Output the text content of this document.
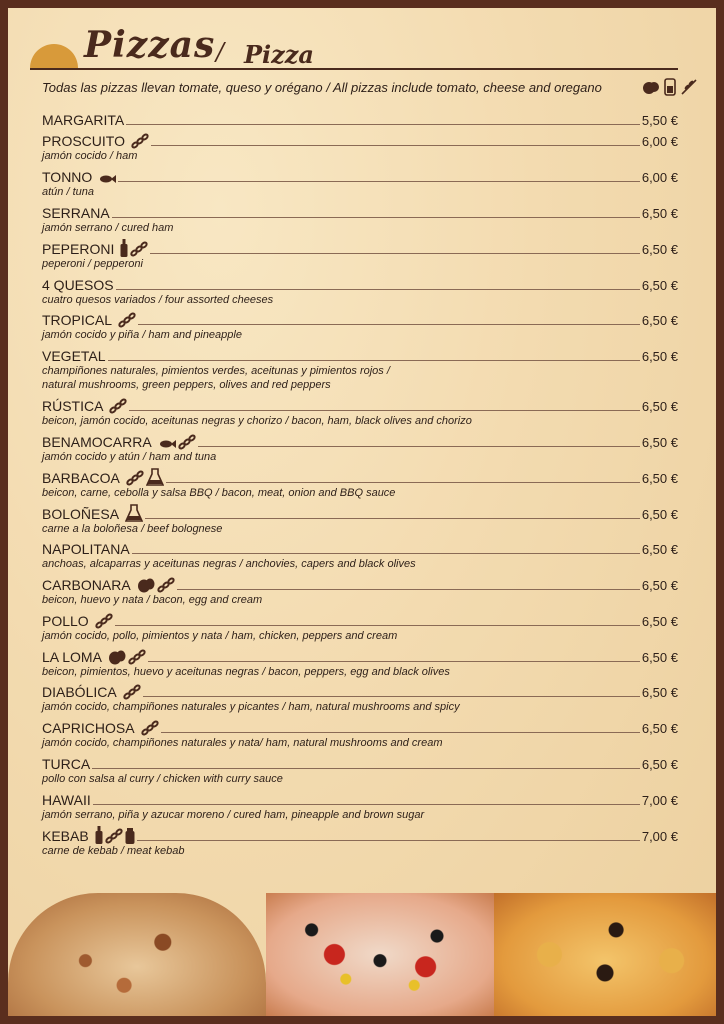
Pizzas / Pizza
Todas las pizzas llevan tomate, queso y orégano / All pizzas include tomato, cheese and oregano
MARGARITA	5,50 €
PROSCUITO	6,00 €
jamón cocido / ham
TONNO	6,00 €
atún / tuna
SERRANA	6,50 €
jamón serrano / cured ham
PEPERONI	6,50 €
peperoni / pepperoni
4 QUESOS	6,50 €
cuatro quesos variados / four assorted cheeses
TROPICAL	6,50 €
jamón cocido y piña / ham and pineapple
VEGETAL	6,50 €
champiñones naturales, pimientos verdes, aceitunas y pimientos rojos /
natural mushrooms, green peppers, olives and red peppers
RÚSTICA	6,50 €
beicon, jamón cocido, aceitunas negras y chorizo / bacon, ham, black olives and chorizo
BENAMOCARRA	6,50 €
jamón cocido y atún / ham and tuna
BARBACOA	6,50 €
beicon, carne, cebolla y salsa BBQ / bacon, meat, onion and BBQ sauce
BOLOÑESA	6,50 €
carne a la boloñesa / beef bolognese
NAPOLITANA	6,50 €
anchoas, alcaparras y aceitunas negras / anchovies, capers and black olives
CARBONARA	6,50 €
beicon, huevo y nata / bacon, egg and cream
POLLO	6,50 €
jamón cocido, pollo, pimientos y nata / ham, chicken, peppers and cream
LA LOMA	6,50 €
beicon, pimientos, huevo y aceitunas negras / bacon, peppers, egg and black olives
DIABÓLICA	6,50 €
jamón cocido, champiñones naturales y picantes / ham, natural mushrooms and spicy
CAPRICHOSA	6,50 €
jamón cocido, champiñones naturales y nata/ ham, natural mushrooms and cream
TURCA	6,50 €
pollo con salsa al curry / chicken with curry sauce
HAWAII	7,00 €
jamón serrano, piña y azucar moreno / cured ham, pineapple and brown sugar
KEBAB	7,00 €
carne de kebab / meat kebab
